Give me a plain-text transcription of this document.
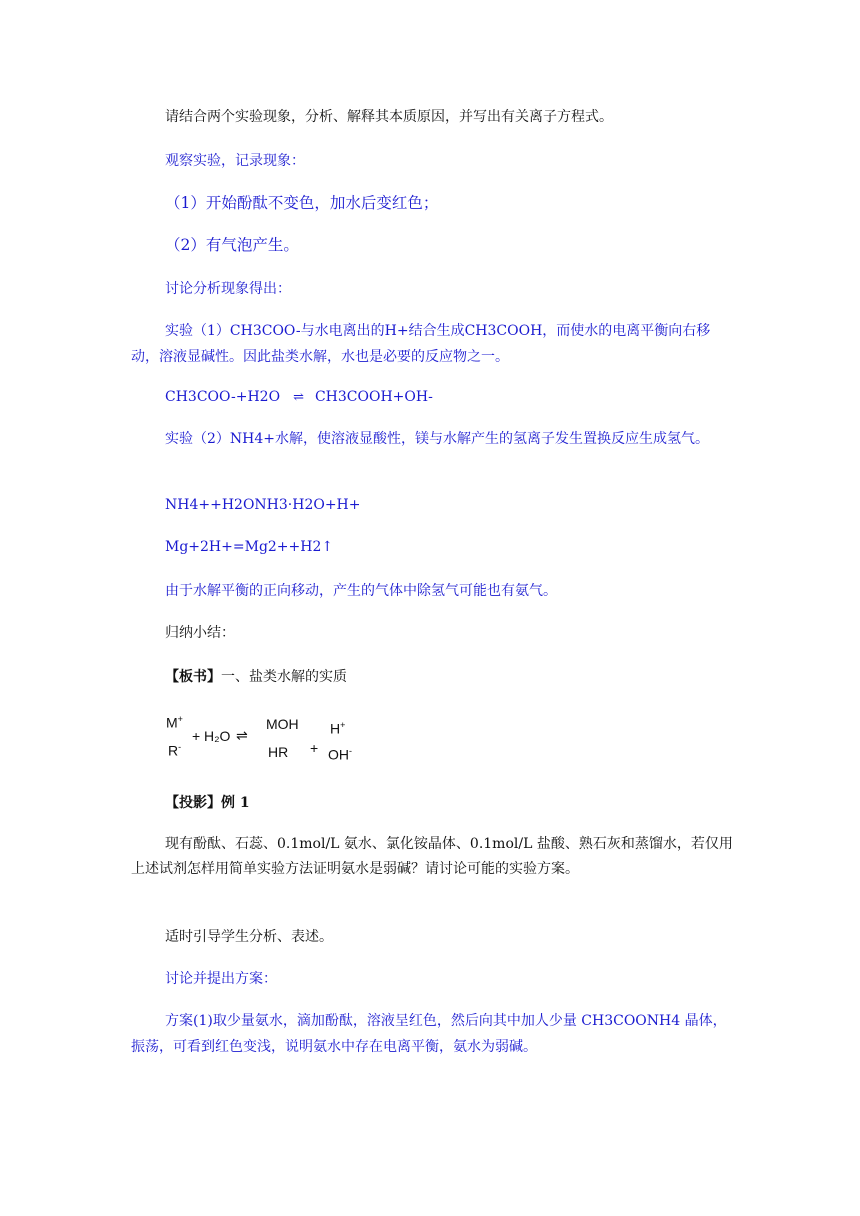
请结合两个实验现象，分析、解释其本质原因，并写出有关离子方程式。
观察实验，记录现象：
（1）开始酚酞不变色，加水后变红色；
（2）有气泡产生。
讨论分析现象得出：
实验（1）CH3COO-与水电离出的H+结合生成CH3COOH，而使水的电离平衡向右移动，溶液显碱性。因此盐类水解，水也是必要的反应物之一。
CH3COO-+H2O ⇌ CH3COOH+OH-
实验（2）NH4+水解，使溶液显酸性，镁与水解产生的氢离子发生置换反应生成氢气。
NH4++H2ONH3·H2O+H+
Mg+2H+=Mg2++H2↑
由于水解平衡的正向移动，产生的气体中除氢气可能也有氨气。
归纳小结：
【板书】一、盐类水解的实质
M+
R-
+ H₂O ⇌
MOH
HR +
H+
OH-
【投影】例 1
现有酚酞、石蕊、0.1mol/L 氨水、氯化铵晶体、0.1mol/L 盐酸、熟石灰和蒸馏水，若仅用上述试剂怎样用简单实验方法证明氨水是弱碱？请讨论可能的实验方案。
适时引导学生分析、表述。
讨论并提出方案：
方案(1)取少量氨水，滴加酚酞，溶液呈红色，然后向其中加人少量 CH3COONH4 晶体，振荡，可看到红色变浅，说明氨水中存在电离平衡，氨水为弱碱。
